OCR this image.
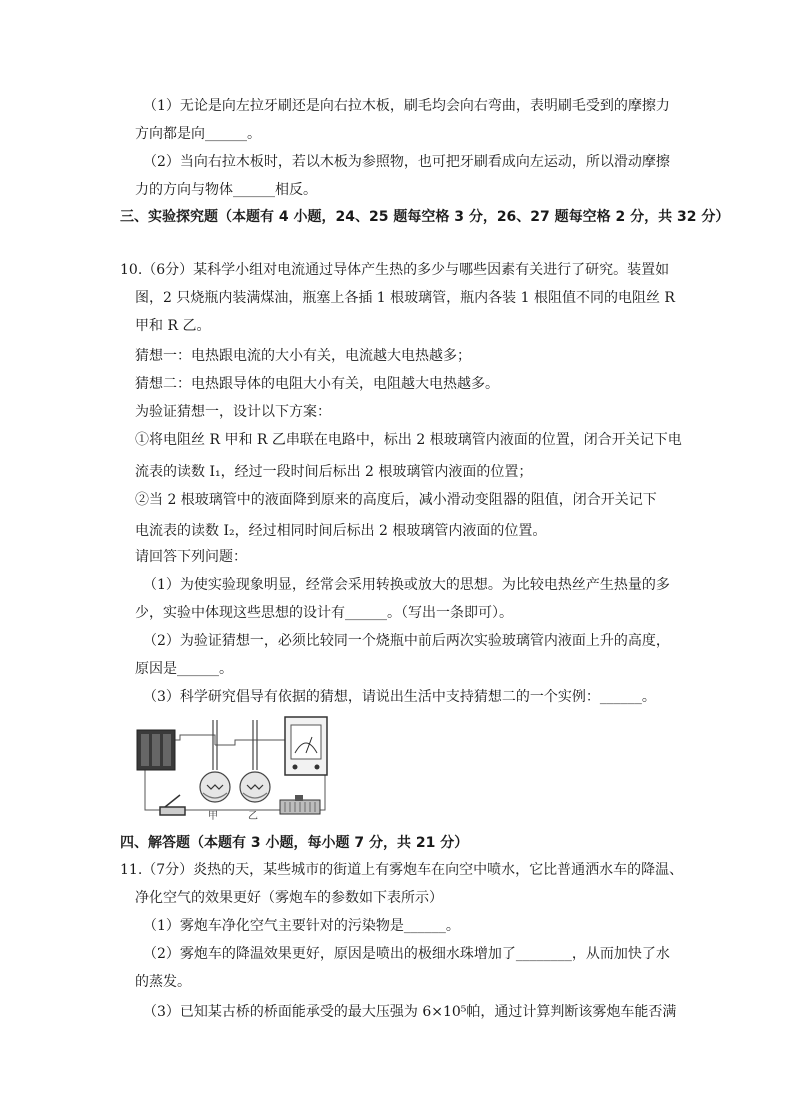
（1）无论是向左拉牙刷还是向右拉木板，刷毛均会向右弯曲，表明刷毛受到的摩擦力
方向都是向______。
（2）当向右拉木板时，若以木板为参照物，也可把牙刷看成向左运动，所以滑动摩擦
力的方向与物体______相反。
三、实验探究题（本题有 4 小题，24、25 题每空格 3 分，26、27 题每空格 2 分，共 32 分）
10.（6分）某科学小组对电流通过导体产生热的多少与哪些因素有关进行了研究。装置如
图，2 只烧瓶内装满煤油，瓶塞上各插 1 根玻璃管，瓶内各装 1 根阻值不同的电阻丝 R
甲和 R 乙。
猜想一：电热跟电流的大小有关，电流越大电热越多；
猜想二：电热跟导体的电阻大小有关，电阻越大电热越多。
为验证猜想一，设计以下方案：
①将电阻丝 R 甲和 R 乙串联在电路中，标出 2 根玻璃管内液面的位置，闭合开关记下电
流表的读数 I₁，经过一段时间后标出 2 根玻璃管内液面的位置；
②当 2 根玻璃管中的液面降到原来的高度后，减小滑动变阻器的阻值，闭合开关记下
电流表的读数 I₂，经过相同时间后标出 2 根玻璃管内液面的位置。
请回答下列问题：
（1）为使实验现象明显，经常会采用转换或放大的思想。为比较电热丝产生热量的多
少，实验中体现这些思想的设计有______。（写出一条即可）。
（2）为验证猜想一，必须比较同一个烧瓶中前后两次实验玻璃管内液面上升的高度，
原因是______。
（3）科学研究倡导有依据的猜想，请说出生活中支持猜想二的一个实例：______。
甲	乙
四、解答题（本题有 3 小题，每小题 7 分，共 21 分）
11.（7分）炎热的天，某些城市的街道上有雾炮车在向空中喷水，它比普通洒水车的降温、
净化空气的效果更好（雾炮车的参数如下表所示）
（1）雾炮车净化空气主要针对的污染物是______。
（2）雾炮车的降温效果更好，原因是喷出的极细水珠增加了________，从而加快了水
的蒸发。
（3）已知某古桥的桥面能承受的最大压强为 6×10⁵帕，通过计算判断该雾炮车能否满
